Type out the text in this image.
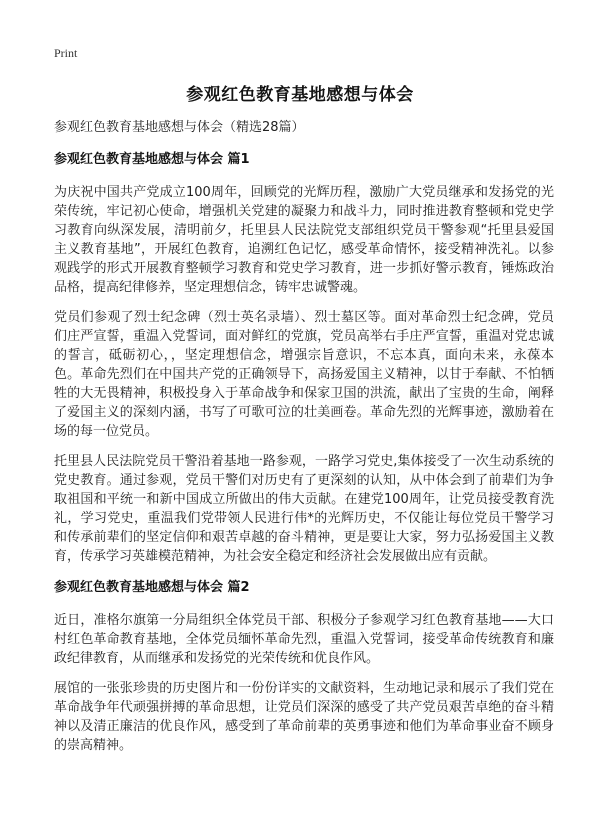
Print
参观红色教育基地感想与体会

参观红色教育基地感想与体会（精选28篇）

参观红色教育基地感想与体会 篇1

为庆祝中国共产党成立100周年，回顾党的光辉历程，激励广大党员继承和发扬党的光荣传统，牢记初心使命，增强机关党建的凝聚力和战斗力，同时推进教育整顿和党史学习教育向纵深发展，清明前夕，托里县人民法院党支部组织党员干警参观“托里县爱国主义教育基地”，开展红色教育，追溯红色记忆，感受革命情怀，接受精神洗礼。以参观践学的形式开展教育整顿学习教育和党史学习教育，进一步抓好警示教育，锤炼政治品格，提高纪律修养，坚定理想信念，铸牢忠诚警魂。

党员们参观了烈士纪念碑（烈士英名录墙）、烈士墓区等。面对革命烈士纪念碑，党员们庄严宣誓，重温入党誓词，面对鲜红的党旗，党员高举右手庄严宣誓，重温对党忠诚的誓言，砥砺初心，，坚定理想信念，增强宗旨意识，不忘本真，面向未来，永葆本色。革命先烈们在中国共产党的正确领导下，高扬爱国主义精神，以甘于奉献、不怕牺牲的大无畏精神，积极投身入于革命战争和保家卫国的洪流，献出了宝贵的生命，阐释了爱国主义的深刻内涵，书写了可歌可泣的壮美画卷。革命先烈的光辉事迹，激励着在场的每一位党员。

托里县人民法院党员干警沿着基地一路参观，一路学习党史,集体接受了一次生动系统的党史教育。通过参观，党员干警们对历史有了更深刻的认知，从中体会到了前辈们为争取祖国和平统一和新中国成立所做出的伟大贡献。在建党100周年，让党员接受教育洗礼，学习党史，重温我们党带领人民进行伟*的光辉历史，不仅能让每位党员干警学习和传承前辈们的坚定信仰和艰苦卓越的奋斗精神，更是要让大家，努力弘扬爱国主义教育，传承学习英雄模范精神，为社会安全稳定和经济社会发展做出应有贡献。

参观红色教育基地感想与体会 篇2

近日，准格尔旗第一分局组织全体党员干部、积极分子参观学习红色教育基地——大口村红色革命教育基地，全体党员缅怀革命先烈，重温入党誓词，接受革命传统教育和廉政纪律教育，从而继承和发扬党的光荣传统和优良作风。

展馆的一张张珍贵的历史图片和一份份详实的文献资料，生动地记录和展示了我们党在革命战争年代顽强拼搏的革命思想，让党员们深深的感受了共产党员艰苦卓绝的奋斗精神以及清正廉洁的优良作风，感受到了革命前辈的英勇事迹和他们为革命事业奋不顾身的崇高精神。
